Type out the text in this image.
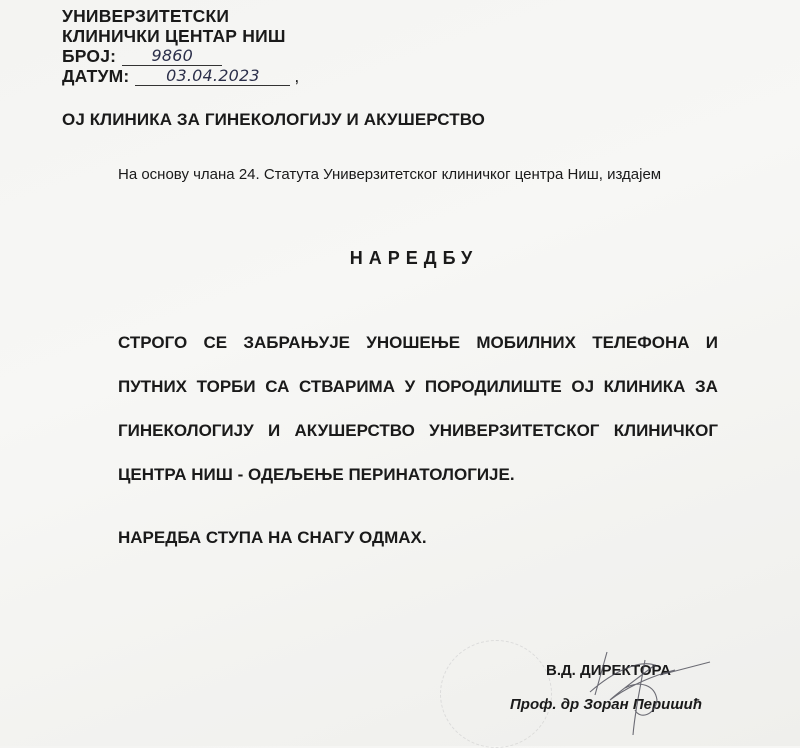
УНИВЕРЗИТЕТСКИ
КЛИНИЧКИ ЦЕНТАР НИШ
БРОЈ:	9860
ДАТУМ:	03.04.2023	,
ОЈ КЛИНИКА ЗА ГИНЕКОЛОГИЈУ И АКУШЕРСТВО
На основу члана 24. Статута Универзитетског клиничког центра Ниш, издајем
НАРЕДБУ
СТРОГО СЕ ЗАБРАЊУЈЕ УНОШЕЊЕ МОБИЛНИХ ТЕЛЕФОНА И
ПУТНИХ ТОРБИ СА СТВАРИМА У ПОРОДИЛИШТЕ ОЈ КЛИНИКА ЗА
ГИНЕКОЛОГИЈУ И АКУШЕРСТВО УНИВЕРЗИТЕТСКОГ КЛИНИЧКОГ
ЦЕНТРА НИШ - ОДЕЉЕЊЕ ПЕРИНАТОЛОГИЈЕ.
НАРЕДБА СТУПА НА СНАГУ ОДМАХ.
В.Д. ДИРЕКТОРА
Проф. др Зоран Перишић
